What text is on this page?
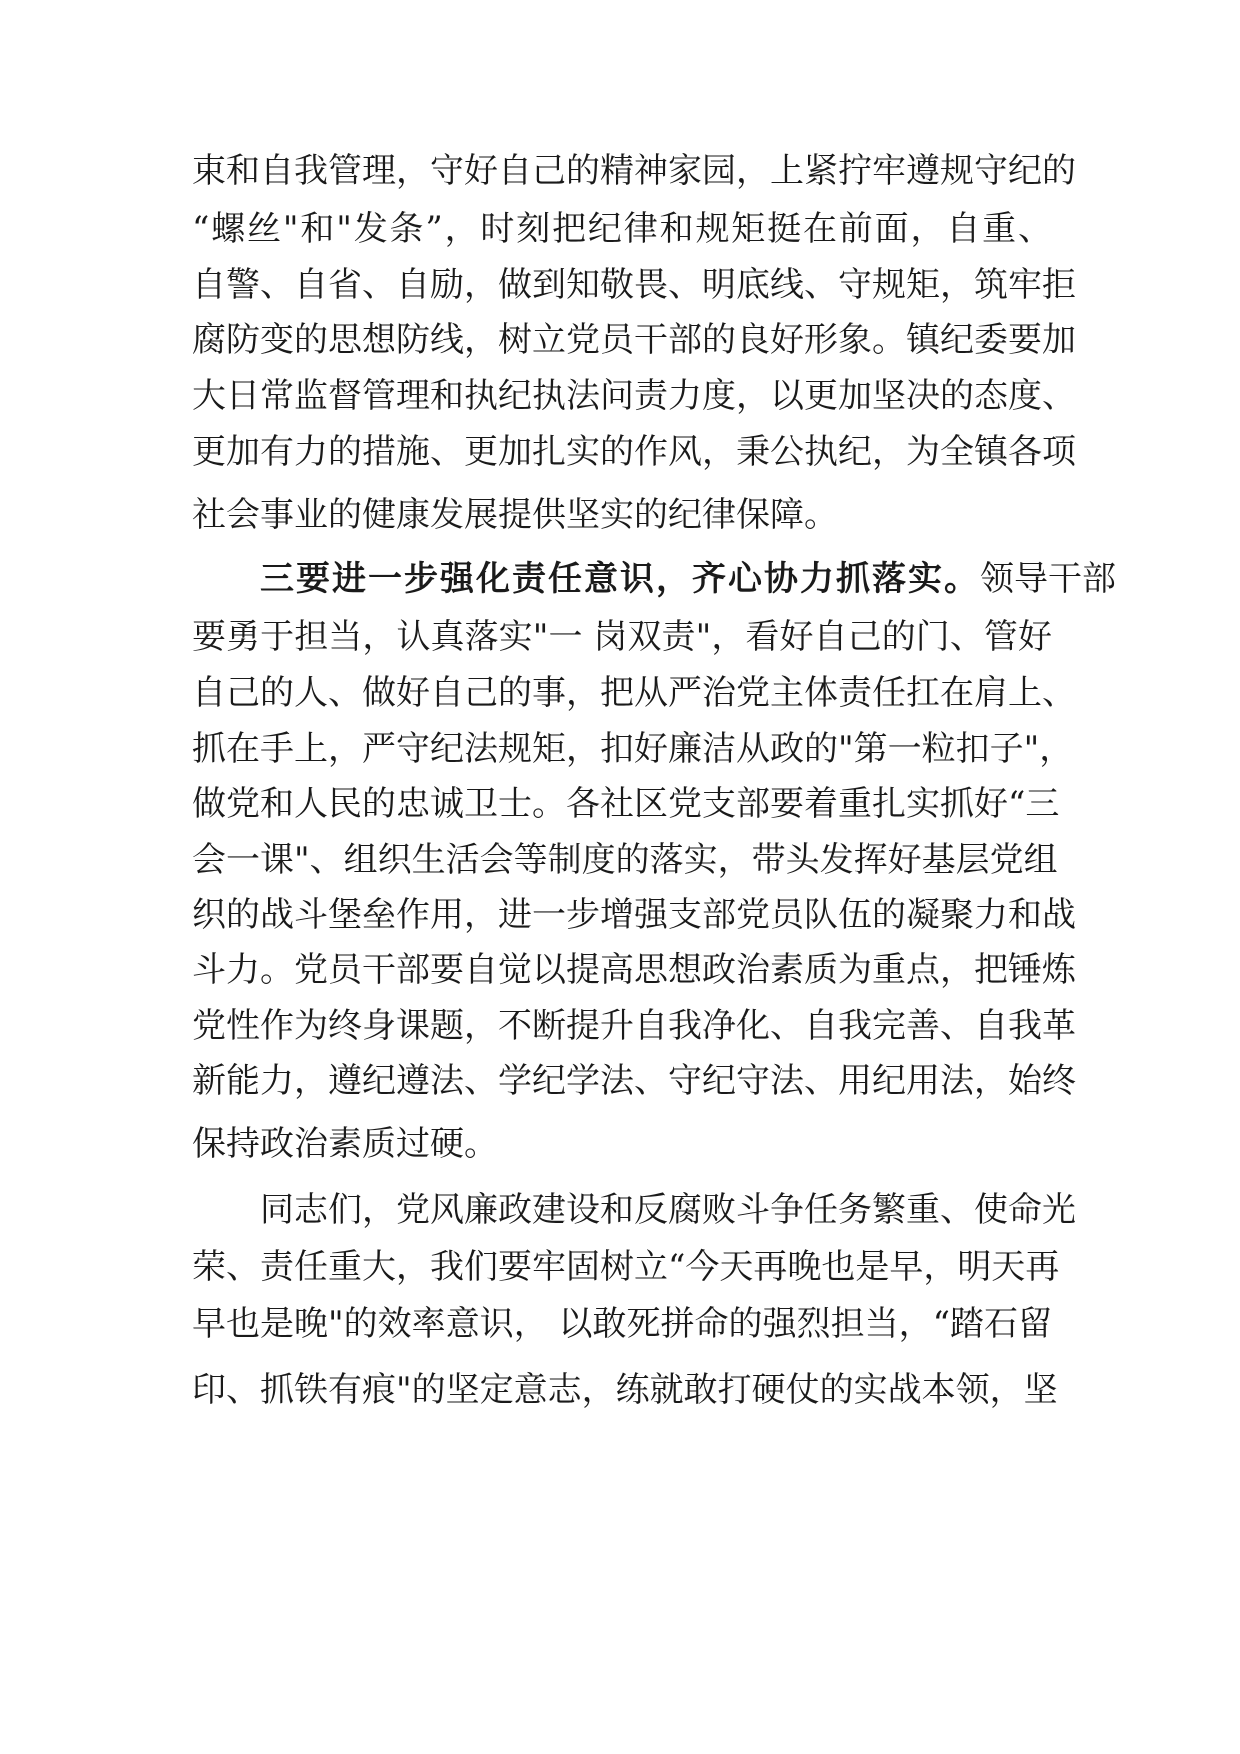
束和自我管理，守好自己的精神家园，上紧拧牢遵规守纪的
“螺丝"和"发条”，时刻把纪律和规矩挺在前面，自重、
自警、自省、自励，做到知敬畏、明底线、守规矩，筑牢拒
腐防变的思想防线，树立党员干部的良好形象。镇纪委要加
大日常监督管理和执纪执法问责力度，以更加坚决的态度、
更加有力的措施、更加扎实的作风，秉公执纪，为全镇各项
社会事业的健康发展提供坚实的纪律保障。
三要进一步强化责任意识，齐心协力抓落实。领导干部
要勇于担当，认真落实"一 岗双责"，看好自己的门、管好
自己的人、做好自己的事，把从严治党主体责任扛在肩上、
抓在手上，严守纪法规矩，扣好廉洁从政的"第一粒扣子"，
做党和人民的忠诚卫士。各社区党支部要着重扎实抓好“三
会一课"、组织生活会等制度的落实，带头发挥好基层党组
织的战斗堡垒作用，进一步增强支部党员队伍的凝聚力和战
斗力。党员干部要自觉以提高思想政治素质为重点，把锤炼
党性作为终身课题，不断提升自我净化、自我完善、自我革
新能力，遵纪遵法、学纪学法、守纪守法、用纪用法，始终
保持政治素质过硬。
同志们，党风廉政建设和反腐败斗争任务繁重、使命光
荣、责任重大，我们要牢固树立“今天再晚也是早，明天再
早也是晚"的效率意识， 以敢死拼命的强烈担当，“踏石留
印、抓铁有痕"的坚定意志，练就敢打硬仗的实战本领，坚
